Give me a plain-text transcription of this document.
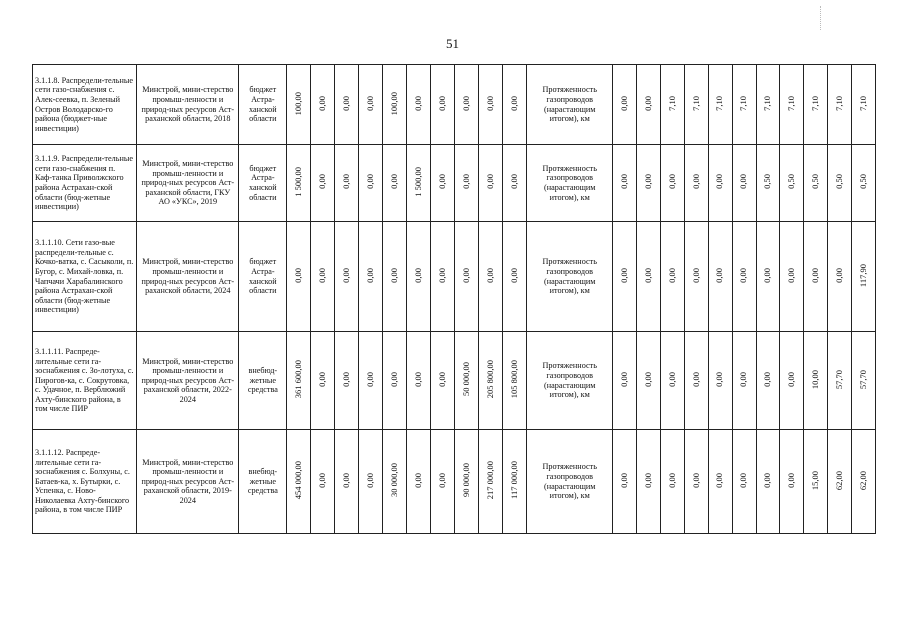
51
3.1.1.8. Распредели-тельные сети газо-снабжения с. Алек-сеевка, п. Зеленый Остров Володарско-го района (бюджет-ные инвестиции)	Минстрой, мини-стерство промыш-ленности и природ-ных ресурсов Аст-раханской области, 2018	бюджет Астра-ханской области	100,00	0,00	0,00	0,00	100,00	0,00	0,00	0,00	0,00	0,00	Протяженность газопроводов (нарастающим итогом), км	0,00	0,00	7,10	7,10	7,10	7,10	7,10	7,10	7,10	7,10	7,10
3.1.1.9. Распредели-тельные сети газо-снабжения п. Каф-танка Приволжского района Астрахан-ской области (бюд-жетные инвестиции)	Минстрой, мини-стерство промыш-ленности и природ-ных ресурсов Аст-раханской области, ГКУ АО «УКС», 2019	бюджет Астра-ханской области	1 500,00	0,00	0,00	0,00	0,00	1 500,00	0,00	0,00	0,00	0,00	Протяженность газопроводов (нарастающим итогом), км	0,00	0,00	0,00	0,00	0,00	0,00	0,50	0,50	0,50	0,50	0,50
3.1.1.10. Сети газо-вые распредели-тельные с. Кочко-ватка, с. Сасыколи, п. Бугор, с. Михай-ловка, п. Чапчачи Харабалинского района Астрахан-ской области (бюд-жетные инвестиции)	Минстрой, мини-стерство промыш-ленности и природ-ных ресурсов Аст-раханской области, 2024	бюджет Астра-ханской области	0,00	0,00	0,00	0,00	0,00	0,00	0,00	0,00	0,00	0,00	Протяженность газопроводов (нарастающим итогом), км	0,00	0,00	0,00	0,00	0,00	0,00	0,00	0,00	0,00	0,00	117,90
3.1.1.11. Распреде-лительные сети га-зоснабжения с. Зо-лотуха, с. Пирогов-ка, с. Сокрутовка, с. Удачное, п. Верблюжий Ахту-бинского района, в том числе ПИР	Минстрой, мини-стерство промыш-ленности и природ-ных ресурсов Аст-раханской области, 2022-2024	внебюд-жетные средства	361 600,00	0,00	0,00	0,00	0,00	0,00	0,00	50 000,00	205 800,00	105 800,00	Протяженность газопроводов (нарастающим итогом), км	0,00	0,00	0,00	0,00	0,00	0,00	0,00	0,00	10,00	57,70	57,70
3.1.1.12. Распреде-лительные сети га-зоснабжения с. Болхуны, с. Батаев-ка, х. Бутырки, с. Успенка, с. Ново-Николаевка Ахту-бинского района, в том числе ПИР	Минстрой, мини-стерство промыш-ленности и природ-ных ресурсов Аст-раханской области, 2019-2024	внебюд-жетные средства	454 000,00	0,00	0,00	0,00	30 000,00	0,00	0,00	90 000,00	217 000,00	117 000,00	Протяженность газопроводов (нарастающим итогом), км	0,00	0,00	0,00	0,00	0,00	0,00	0,00	0,00	15,00	62,00	62,00
